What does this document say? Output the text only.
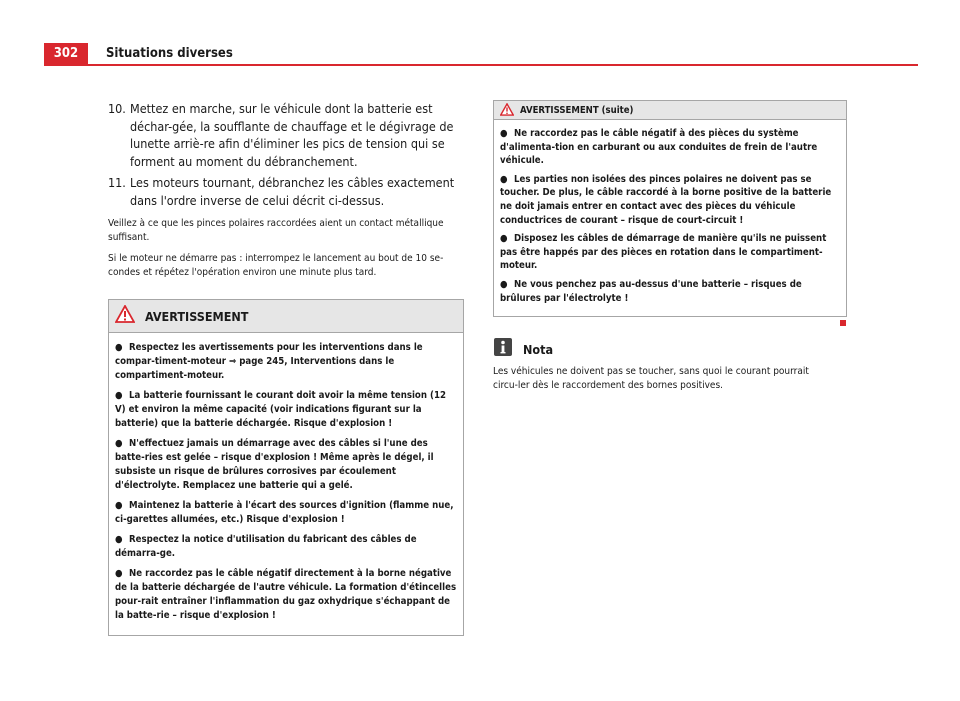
302	Situations diverses
10. Mettez en marche, sur le véhicule dont la batterie est déchar-gée, la soufflante de chauffage et le dégivrage de lunette arriè-re afin d'éliminer les pics de tension qui se forment au moment du débranchement.
11. Les moteurs tournant, débranchez les câbles exactement dans l'ordre inverse de celui décrit ci-dessus.

Veillez à ce que les pinces polaires raccordées aient un contact métallique suffisant.

Si le moteur ne démarre pas : interrompez le lancement au bout de 10 se-condes et répétez l'opération environ une minute plus tard.

AVERTISSEMENT

● Respectez les avertissements pour les interventions dans le compar-timent-moteur ⇒ page 245, Interventions dans le compartiment-moteur.

● La batterie fournissant le courant doit avoir la même tension (12 V) et environ la même capacité (voir indications figurant sur la batterie) que la batterie déchargée. Risque d'explosion !

● N'effectuez jamais un démarrage avec des câbles si l'une des batte-ries est gelée – risque d'explosion ! Même après le dégel, il subsiste un risque de brûlures corrosives par écoulement d'électrolyte. Remplacez une batterie qui a gelé.

● Maintenez la batterie à l'écart des sources d'ignition (flamme nue, ci-garettes allumées, etc.) Risque d'explosion !

● Respectez la notice d'utilisation du fabricant des câbles de démarra-ge.

● Ne raccordez pas le câble négatif directement à la borne négative de la batterie déchargée de l'autre véhicule. La formation d'étincelles pour-rait entraîner l'inflammation du gaz oxhydrique s'échappant de la batte-rie – risque d'explosion !

AVERTISSEMENT (suite)

● Ne raccordez pas le câble négatif à des pièces du système d'alimenta-tion en carburant ou aux conduites de frein de l'autre véhicule.

● Les parties non isolées des pinces polaires ne doivent pas se toucher. De plus, le câble raccordé à la borne positive de la batterie ne doit jamais entrer en contact avec des pièces du véhicule conductrices de courant – risque de court-circuit !

● Disposez les câbles de démarrage de manière qu'ils ne puissent pas être happés par des pièces en rotation dans le compartiment-moteur.

● Ne vous penchez pas au-dessus d'une batterie – risques de brûlures par l'électrolyte !

Nota

Les véhicules ne doivent pas se toucher, sans quoi le courant pourrait circu-ler dès le raccordement des bornes positives.
